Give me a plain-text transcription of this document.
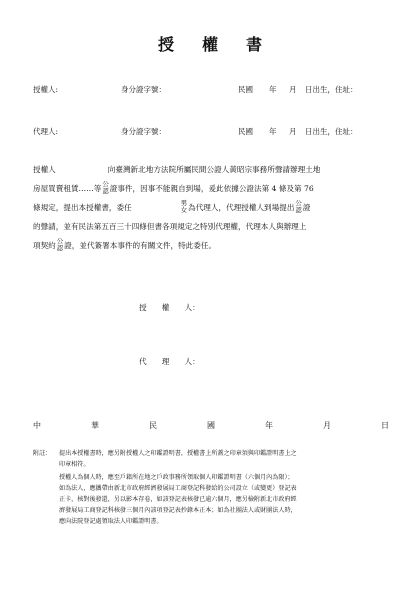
授 權 書
授權人:	身分證字號：	民國 年 月 日出生，住址：
代理人:	身分證字號：	民國 年 月 日出生，住址：
授權人	向臺灣新北地方法院所屬民間公證人黃昭宗事務所聲請辦理土地
房屋買賣租賃……等 公
認 證事件，因事不能親自到場，爰此依據公證法第 4 條及第 76
條規定，提出本授權書，委任	男
女 為代理人，代理授權人到場提出 公
認 證
的聲請，並有民法第五百三十四條但書各項規定之特別代理權，代理本人與辦理上
項契約 公
認 證，並代簽署本事件的有關文件，特此委任。
授　　權　　人：
代　　理　　人：
中	華	民	國	年	月	日
附註： 提出本授權書時，應另附授權人之印鑑證明書，授權書上所蓋之印章須與印鑑證明書上之
印章相符。
授權人為個人時，應至戶籍所在地之戶政事務所領取個人印鑑證明書（六個月內為限）；
如為法人，應攜帶由新北市政府經濟發展局工商登記科發給的公司設立（或變更）登記表
正卡，核對後發還，另以影本存卷，如該登記表核發已逾六個月，應另檢附新北市政府經
濟發展局工商登記科核發三個月內該項登記表抄錄本正本；如為社團法人或財團法人時，
應向法院登記處領取法人印鑑證明書。
